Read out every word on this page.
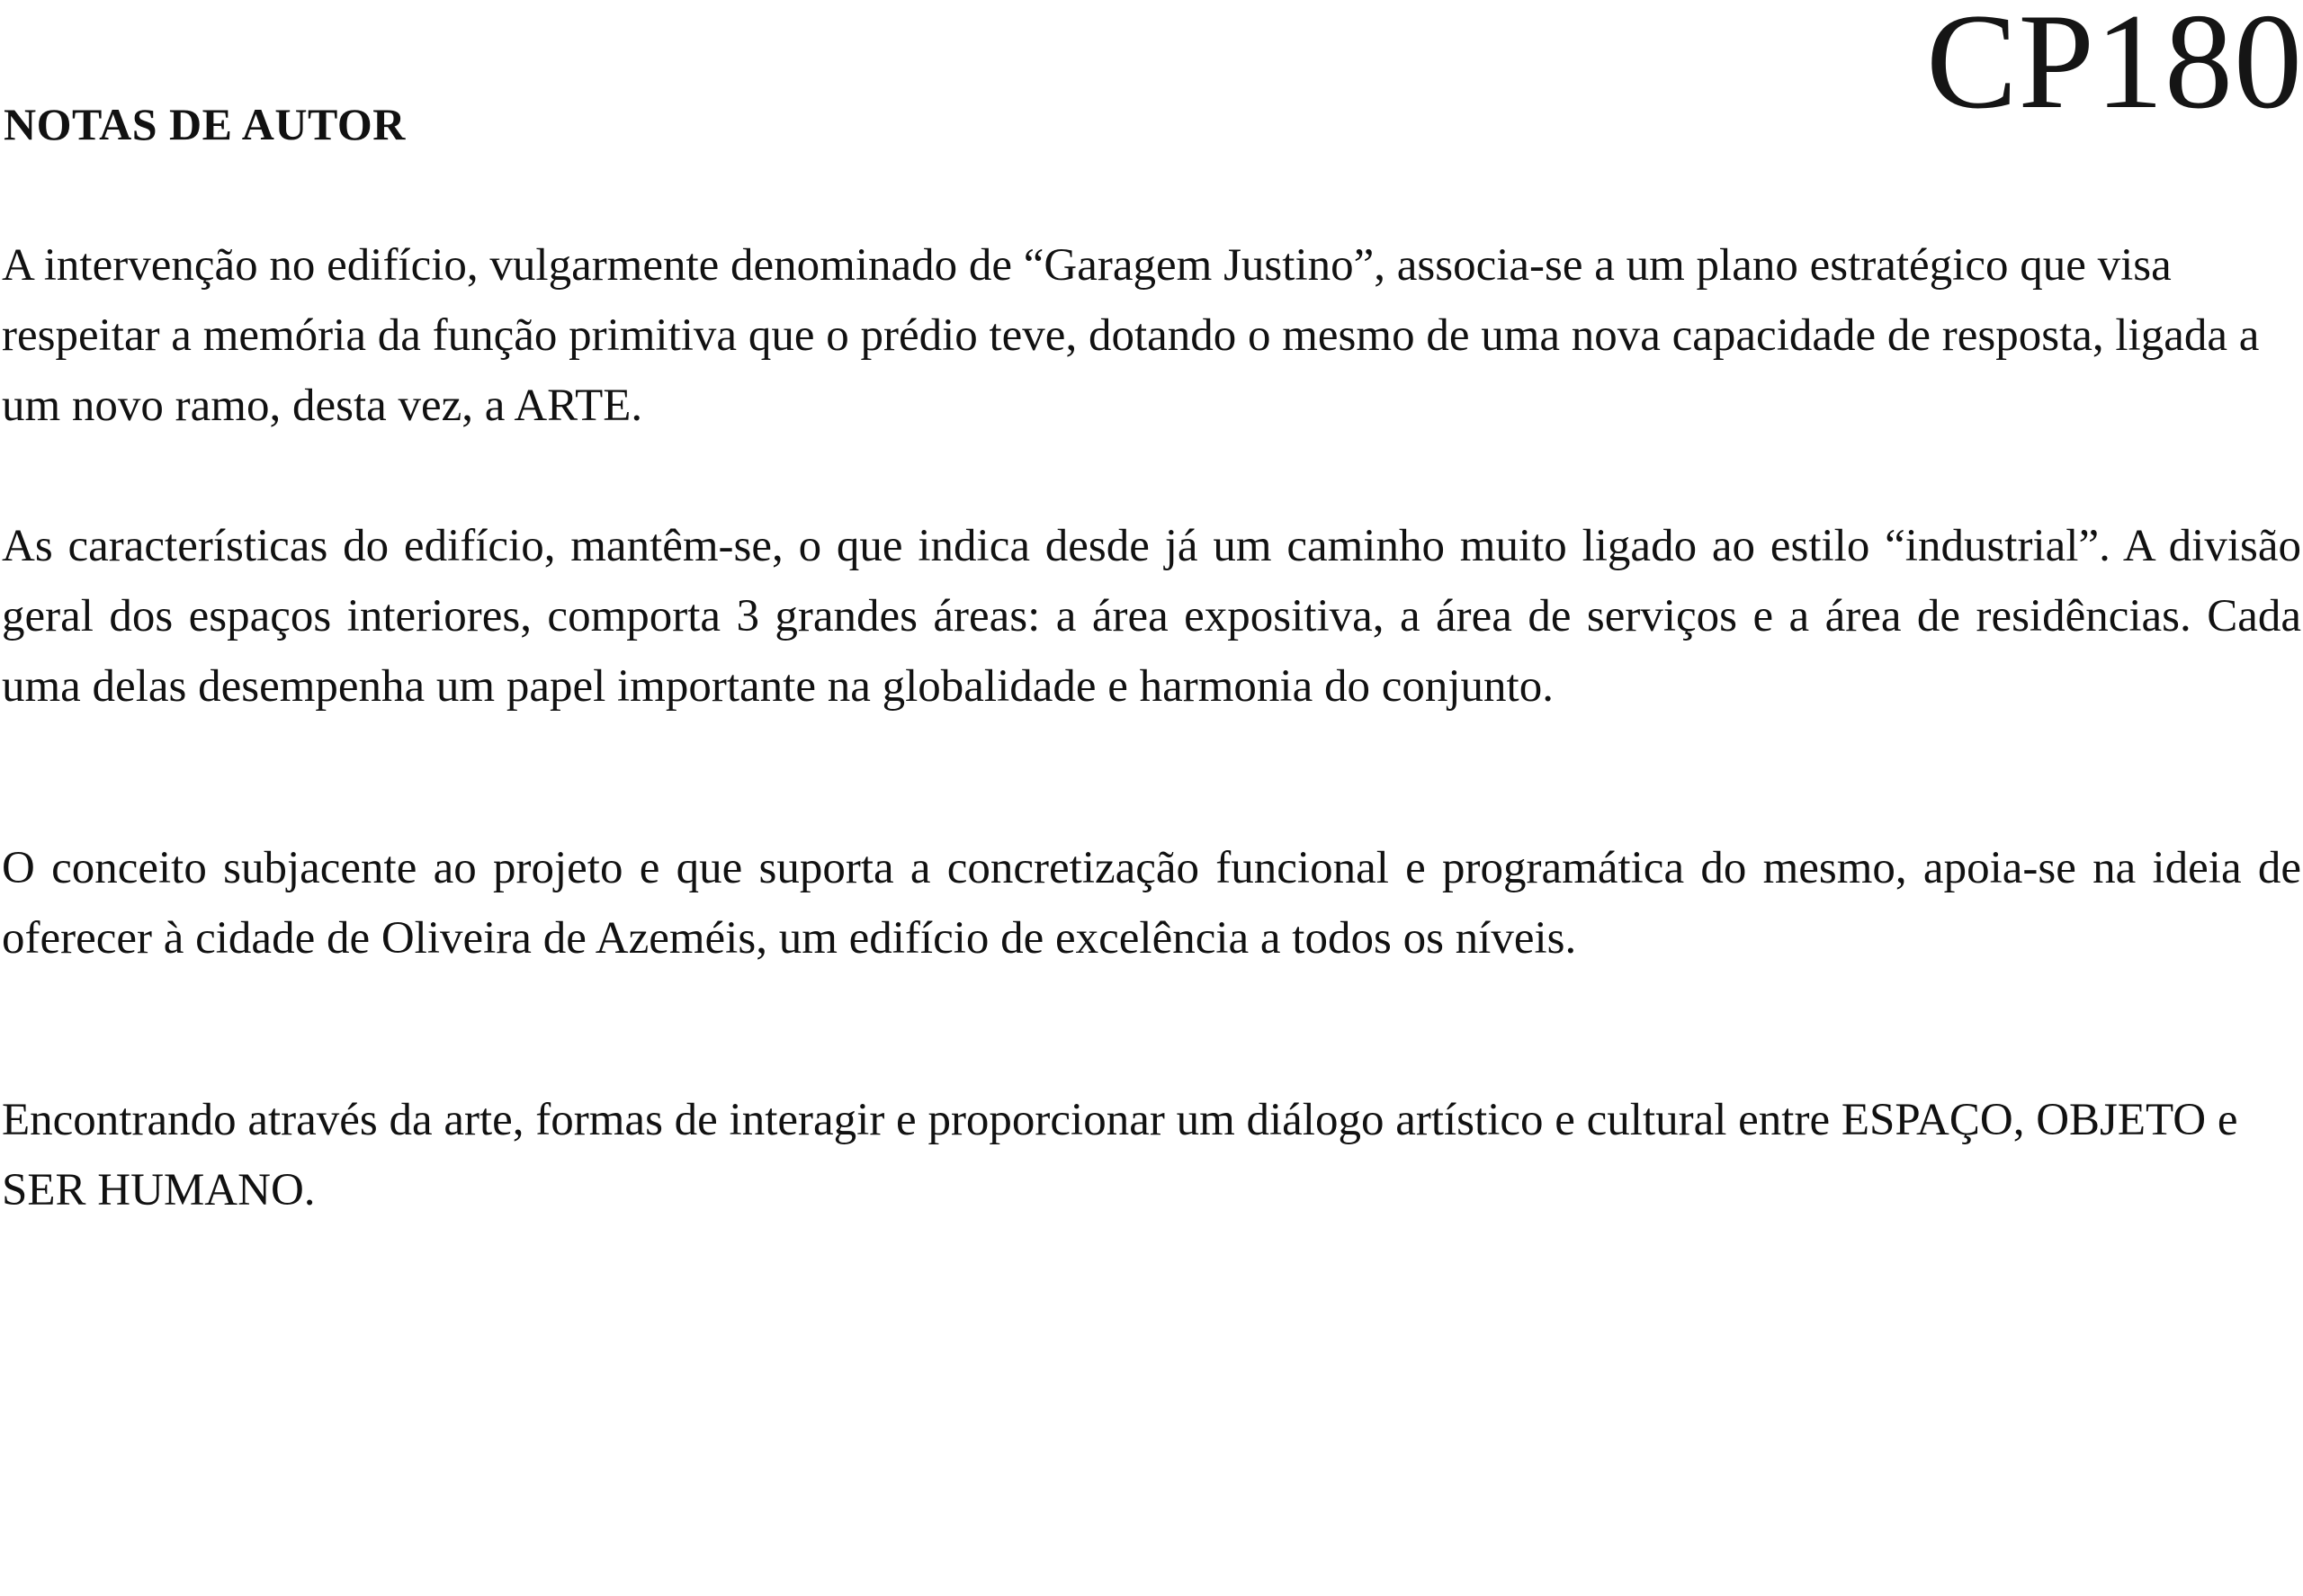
CP180
NOTAS DE AUTOR

A intervenção no edifício, vulgarmente denominado de “Garagem Justino”, associa-se a um plano estratégico que visa respeitar a memória da função primitiva que o prédio teve, dotando o mesmo de uma nova capacidade de resposta, ligada a um novo ramo, desta vez, a ARTE.

As características do edifício, mantêm-se, o que indica desde já um caminho muito ligado ao estilo “industrial”. A divisão geral dos espaços interiores, comporta 3 grandes áreas: a área expositiva, a área de serviços e a área de residências. Cada uma delas desempenha um papel importante na globalidade e harmonia do conjunto.

O conceito subjacente ao projeto e que suporta a concretização funcional e programática do mesmo, apoia-se na ideia de oferecer à cidade de Oliveira de Azeméis, um edifício de excelência a todos os níveis.

Encontrando através da arte, formas de interagir e proporcionar um diálogo artístico e cultural entre ESPAÇO, OBJETO e SER HUMANO.
